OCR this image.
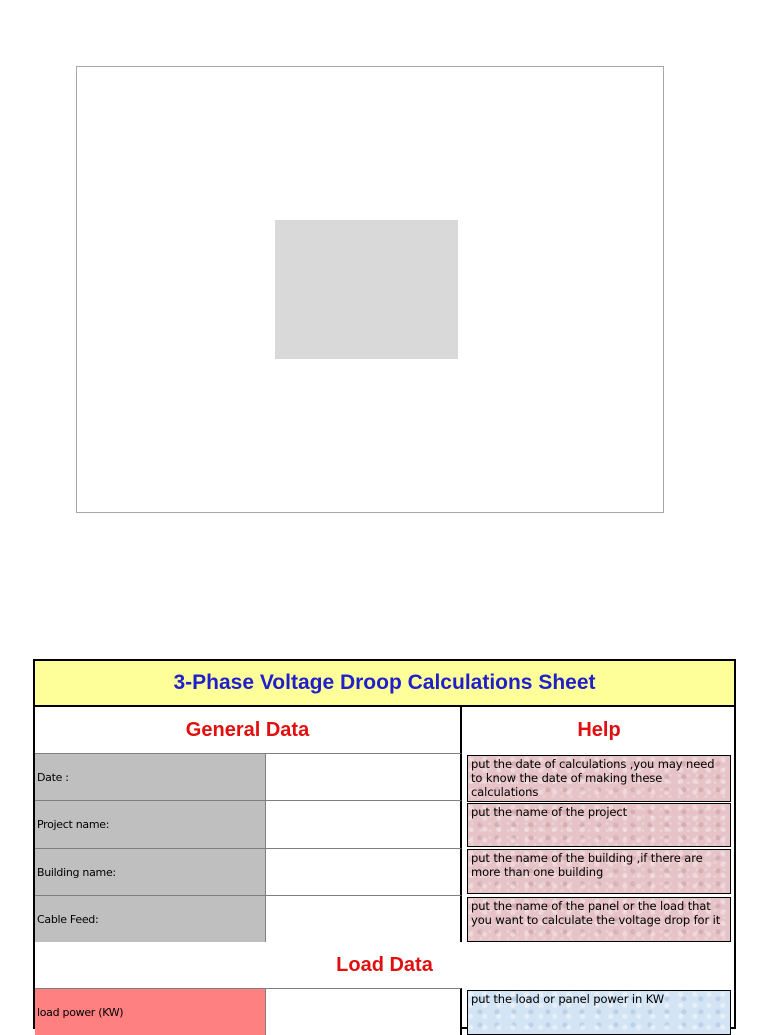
3-Phase Voltage Droop Calculations Sheet
General Data	Help
Date :
put the date of calculations ,you may need to know the date of making these calculations
Project name:
put the name of the project
Building name:
put the name of the building ,if there are more than one building
Cable Feed:
put the name of the panel or the load that you want to calculate the voltage drop for it
Load Data
load power (KW)
put the load or panel power in KW
